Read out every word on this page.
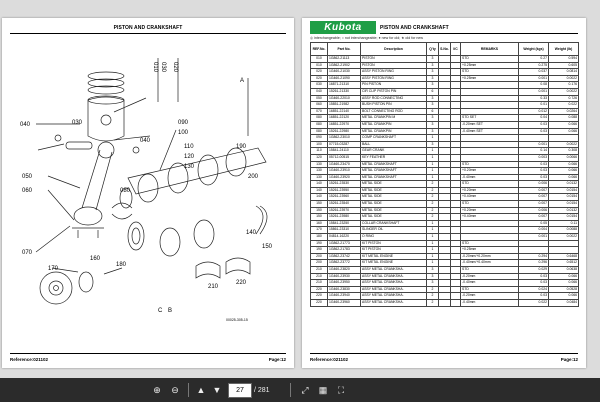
PISTON AND CRANKSHAFT
010 020
030
030
040
040
050
060
070
080
090
100
110
120
130
140
150
160
170
180
190
200
210
220
A
B
C
00025-305-15
Reference:021102	Page:12
Kubota	PISTON AND CRANKSHAFT
◎ interchangeable; ○ not interchangeable; ● new for old; ★ old for new
REF.No.	Part No.	Description	Q'ty	S.No.	I/C	REMARKS	Weight (kgs)	Weight (lb)
010	1G862-21113	PISTON	3			STD	0.27	0.594
010	1G862-21902	PISTON	3			+0.25mm	0.275	0.605
020	1G460-21030	ASSY PISTON RING	3			STD	0.037	0.0814
020	1G460-21090	ASSY PISTON RING	3			+0.25mm	0.001	0.0022
030	16871-21310	PIN PISTON	3				0.08	0.176
040	15261-21330	CIR CLIP PISTON PIN	6				0.001	0.0022
050	1G460-22010	ASSY ROD CONNECTING	3				0.33	0.726
060	15851-21982	BUSH PISTON PIN	3				0.01	0.022
070	16851-22140	BOLT CONNECTING ROD	6				0.012	0.0264
080	16851-22120	METAL CRANKPIN M	3			STD SET	0.04	0.088
080	16851-22970	METAL CRANKPIN	3			-0.20mm SET	0.03	0.066
080	15261-22980	METAL CRANKPIN	3			-0.40mm SET	0.03	0.066
090	1G862-23010	COMP CRANKSHAFT	1					
100	07715-03287	BALL	3				0.001	0.0022
110	15841-24110	GEAR CRANK	1				0.14	0.308
120	05712-00515	KEY FEATHER	1				0.003	0.0066
130	1G460-23470	METAL CRANKSHAFT	1			STD	0.03	0.066
130	1G460-23910	METAL CRANKSHAFT	1			+0.20mm	0.03	0.066
130	1G460-23920	METAL CRANKSHAFT	1			-0.40mm	0.03	0.066
140	15261-23530	METAL SIDE	2			STD	0.006	0.0132
140	15261-23950	METAL SIDE	2			+0.20mm	0.007	0.0154
140	15261-23960	METAL SIDE	2			+0.40mm	0.007	0.0154
150	15261-23540	METAL SIDE	2			STD	0.007	0.0154
150	15261-23970	METAL SIDE	2			+0.20mm	0.006	0.0132
150	15261-23980	METAL SIDE	2			+0.40mm	0.007	0.0154
160	15841-23250	COLLAR CRANKSHAFT	1				0.05	0.11
170	15861-23310	SLINGER OIL	1				0.004	0.0088
180	04814-16220	O RING	1				0.001	0.0022
190	1G862-21773	KIT PISTON	1			STD		
190	1G862-21783	KIT PISTON	1			+0.25mm		
200	1G862-23742	KIT METAL ENGINE	1			-0.20mm/+0.20mm	0.294	0.6468
200	1G862-23772	KIT METAL ENGINE	1			-0.40mm/+0.40mm	0.296	0.6512
210	1G460-23820	ASSY METAL CRANKSHA.	3			STD	0.029	0.0638
210	1G460-23930	ASSY METAL CRANKSHA.	3			-0.20mm	0.03	0.066
210	1G460-23950	ASSY METAL CRANKSHA.	3			-0.40mm	0.03	0.066
220	1G460-23830	ASSY METAL CRANKSHA.	2			STD	0.024	0.0528
220	1G460-23940	ASSY METAL CRANKSHA.	2			-0.20mm	0.03	0.066
220	1G460-23960	ASSY METAL CRANKSHA.	2			-0.40mm	0.022	0.0484
Reference:021102	Page:12
⊕	⊖	▲ ▼	27	/ 281	⤢	▦	⛶
